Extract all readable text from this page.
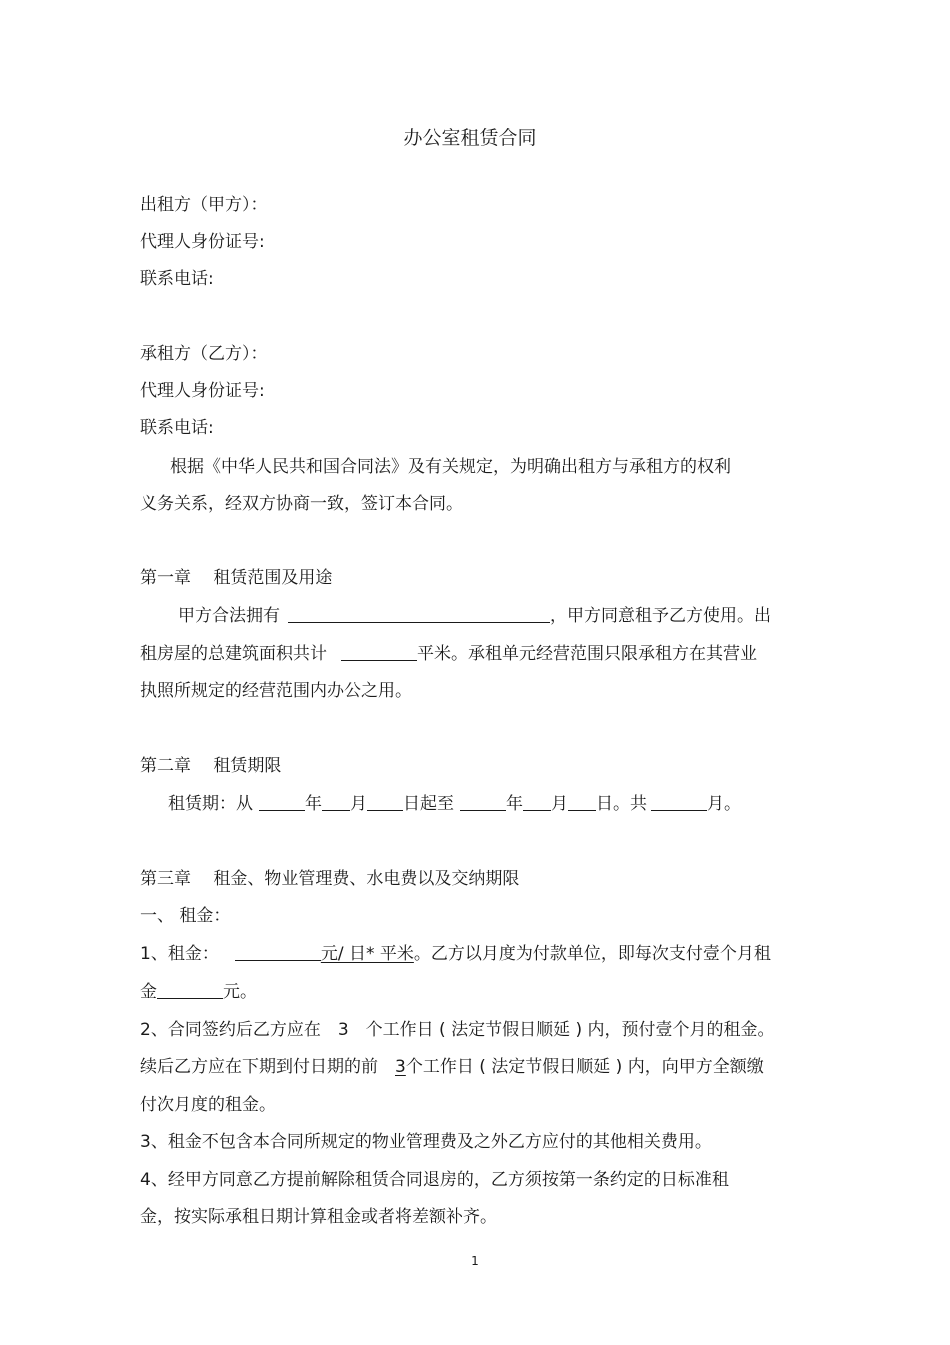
办公室租赁合同
出租方（甲方）：
代理人身份证号:
联系电话:
承租方（乙方）：
代理人身份证号:
联系电话:
根据《中华人民共和国合同法》及有关规定，为明确出租方与承租方的权利
义务关系，经双方协商一致，签订本合同。
第一章　 租赁范围及用途
甲方合法拥有	，甲方同意租予乙方使用。出
租房屋的总建筑面积共计	平米。承租单元经营范围只限承租方在其营业
执照所规定的经营范围内办公之用。
第二章　 租赁期限
租赁期：从	年 月 日起至	年 月 日。共	月。
第三章　 租金、物业管理费、水电费以及交纳期限
一、 租金：
1、租金：	元/ 日* 平米。乙方以月度为付款单位，即每次支付壹个月租
金	元。
2、合同签约后乙方应在　3　个工作日 ( 法定节假日顺延 ) 内，预付壹个月的租金。
续后乙方应在下期到付日期的前　3个工作日 ( 法定节假日顺延 ) 内，向甲方全额缴
付次月度的租金。
3、租金不包含本合同所规定的物业管理费及之外乙方应付的其他相关费用。
4、经甲方同意乙方提前解除租赁合同退房的，乙方须按第一条约定的日标准租
金，按实际承租日期计算租金或者将差额补齐。
1
